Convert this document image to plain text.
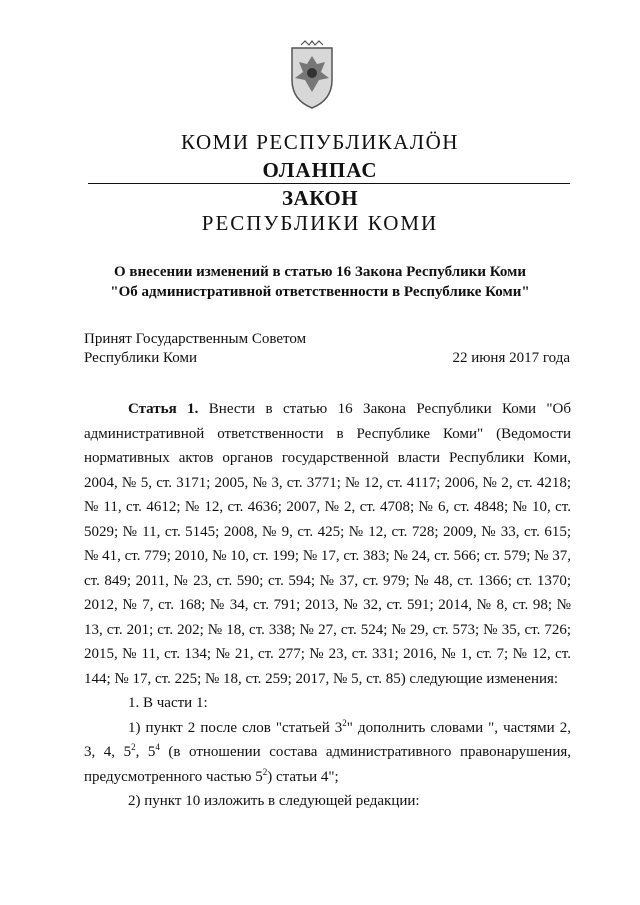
КОМИ РЕСПУБЛИКАЛӦН
ОЛАНПАС
ЗАКОН
РЕСПУБЛИКИ КОМИ
О внесении изменений в статью 16 Закона Республики Коми
"Об административной ответственности в Республике Коми"
Принят Государственным Советом
Республики Коми	22 июня 2017 года

Статья 1. Внести в статью 16 Закона Республики Коми "Об административной ответственности в Республике Коми" (Ведомости нормативных актов органов государственной власти Республики Коми, 2004, № 5, ст. 3171; 2005, № 3, ст. 3771; № 12, ст. 4117; 2006, № 2, ст. 4218; № 11, ст. 4612; № 12, ст. 4636; 2007, № 2, ст. 4708; № 6, ст. 4848; № 10, ст. 5029; № 11, ст. 5145; 2008, № 9, ст. 425; № 12, ст. 728; 2009, № 33, ст. 615; № 41, ст. 779; 2010, № 10, ст. 199; № 17, ст. 383; № 24, ст. 566; ст. 579; № 37, ст. 849; 2011, № 23, ст. 590; ст. 594; № 37, ст. 979; № 48, ст. 1366; ст. 1370; 2012, № 7, ст. 168; № 34, ст. 791; 2013, № 32, ст. 591; 2014, № 8, ст. 98; № 13, ст. 201; ст. 202; № 18, ст. 338; № 27, ст. 524; № 29, ст. 573; № 35, ст. 726; 2015, № 11, ст. 134; № 21, ст. 277; № 23, ст. 331; 2016, № 1, ст. 7; № 12, ст. 144; № 17, ст. 225; № 18, ст. 259; 2017, № 5, ст. 85) следующие изменения:

1. В части 1:

1) пункт 2 после слов "статьей $3^2$" дополнить словами ", частями 2, 3, 4, $5^2$, $5^4$ (в отношении состава административного правонарушения, предусмотренного частью $5^2$) статьи 4";

2) пункт 10 изложить в следующей редакции:
